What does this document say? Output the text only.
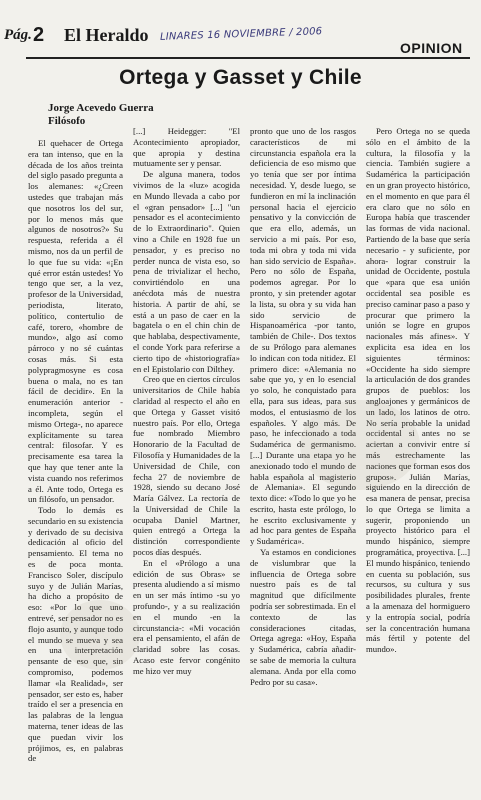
Pág. 2 El Heraldo LINARES 16 NOVIEMBRE / 2006
OPINION
Ortega y Gasset y Chile
Jorge Acevedo Guerra
Filósofo

El quehacer de Ortega era tan intenso, que en la década de los años treinta del siglo pasado pregunta a los alemanes: «¿Creen ustedes que trabajan más que nosotros los del sur, por lo menos más que algunos de nosotros?» Su respuesta, referida a él mismo, nos da un perfil de lo que fue su vida: «¡En qué error están ustedes! Yo tengo que ser, a la vez, profesor de la Universidad, periodista, literato, político, contertulio de café, torero, «hombre de mundo», algo así como párroco y no sé cuántas cosas más. Si esta polypragmosyne es cosa buena o mala, no es tan fácil de decidir». En la enumeración anterior -incompleta, según el mismo Ortega-, no aparece explícitamente su tarea central: filosofar. Y es precisamente esa tarea la que hay que tener ante la vista cuando nos referimos a él. Ante todo, Ortega es un filósofo, un pensador.

Todo lo demás es secundario en su existencia y derivado de su decisiva dedicación al oficio del pensamiento. El tema no es de poca monta. Francisco Soler, discípulo suyo y de Julián Marías, ha dicho a propósito de eso: «Por lo que uno entrevé, ser pensador no es flojo asunto, y aunque todo el mundo se mueva y sea en una interpretación pensante de eso que, sin compromiso, podemos llamar «la Realidad», ser pensador, ser esto es, haber traído el ser a presencia en las palabras de la lengua materna, tener ideas de las que puedan vivir los prójimos, es, en palabras de

[...] Heidegger: "El Acontecimiento apropiador, que apropia y destina mutuamente ser y pensar.

De alguna manera, todos vivimos de la «luz» acogida en Mundo llevada a cabo por el «gran pensador» [...] "un pensador es el acontecimiento de lo Extraordinario". Quien vino a Chile en 1928 fue un pensador, y es preciso no perder nunca de vista eso, so pena de trivializar el hecho, convirtiéndolo en una anécdota más de nuestra historia. A partir de ahí, se está a un paso de caer en la bagatela o en el chin chin de que hablaba, despectivamente, el conde York para referirse a cierto tipo de «historiografía» en el Epistolario con Dilthey.

Creo que en ciertos círculos universitarios de Chile había claridad al respecto el año en que Ortega y Gasset visitó nuestro país. Por ello, Ortega fue nombrado Miembro Honorario de la Facultad de Filosofía y Humanidades de la Universidad de Chile, con fecha 27 de noviembre de 1928, siendo su decano José María Gálvez. La rectoría de la Universidad de Chile la ocupaba Daniel Martner, quien entregó a Ortega la distinción correspondiente pocos días después.

En el «Prólogo a una edición de sus Obras» se presenta aludiendo a sí mismo en un ser más íntimo -su yo profundo-, y a su realización en el mundo -en la circunstancia-: «Mi vocación era el pensamiento, el afán de claridad sobre las cosas. Acaso este fervor congénito me hizo ver muy

pronto que uno de los rasgos característicos de mi circunstancia española era la deficiencia de eso mismo que yo tenía que ser por íntima necesidad. Y, desde luego, se fundieron en mí la inclinación personal hacia el ejercicio pensativo y la convicción de que era ello, además, un servicio a mi país. Por eso, toda mi obra y toda mi vida han sido servicio de España». Pero no sólo de España, podemos agregar. Por lo pronto, y sin pretender agotar la lista, su obra y su vida han sido servicio de Hispanoamérica -por tanto, también de Chile-. Dos textos de su Prólogo para alemanes lo indican con toda nitidez. El primero dice: «Alemania no sabe que yo, y en lo esencial yo solo, he conquistado para ella, para sus ideas, para sus modos, el entusiasmo de los españoles. Y algo más. De paso, he infeccionado a toda Sudamérica de germanismo. [...] Durante una etapa yo he anexionado todo el mundo de habla española al magisterio de Alemania». El segundo texto dice: «Todo lo que yo he escrito, hasta este prólogo, lo he escrito exclusivamente y ad hoc para gentes de España y Sudamérica».

Ya estamos en condiciones de vislumbrar que la influencia de Ortega sobre nuestro país es de tal magnitud que difícilmente podría ser sobrestimada. En el contexto de las consideraciones citadas, Ortega agrega: «Hoy, España y Sudamérica, cabría añadir- se sabe de memoria la cultura alemana. Anda por ella como Pedro por su casa».

Pero Ortega no se queda sólo en el ámbito de la cultura, la filosofía y la ciencia. También sugiere a Sudamérica la participación en un gran proyecto histórico, en el momento en que para él era claro que no sólo en Europa había que trascender las formas de vida nacional. Partiendo de la base que sería necesario - y suficiente, por ahora- lograr construir la unidad de Occidente, postula que «para que esa unión occidental sea posible es preciso caminar paso a paso y procurar que primero la unión se logre en grupos nacionales más afines». Y explicita esa idea en los siguientes términos: «Occidente ha sido siempre la articulación de dos grandes grupos de pueblos: los angloajones y germánicos de un lado, los latinos de otro. No sería probable la unidad occidental si antes no se aciertan a convivir entre sí más estrechamente las naciones que forman esos dos grupos». Julián Marías, siguiendo en la dirección de esa manera de pensar, precisa lo que Ortega se limita a sugerir, proponiendo un proyecto histórico para el mundo hispánico, siempre programática, proyectiva. [...] El mundo hispánico, teniendo en cuenta su población, sus recursos, su cultura y sus posibilidades plurales, frente a la amenaza del hormiguero y la entropía social, podría ser la concentración humana más fértil y potente del mundo».
